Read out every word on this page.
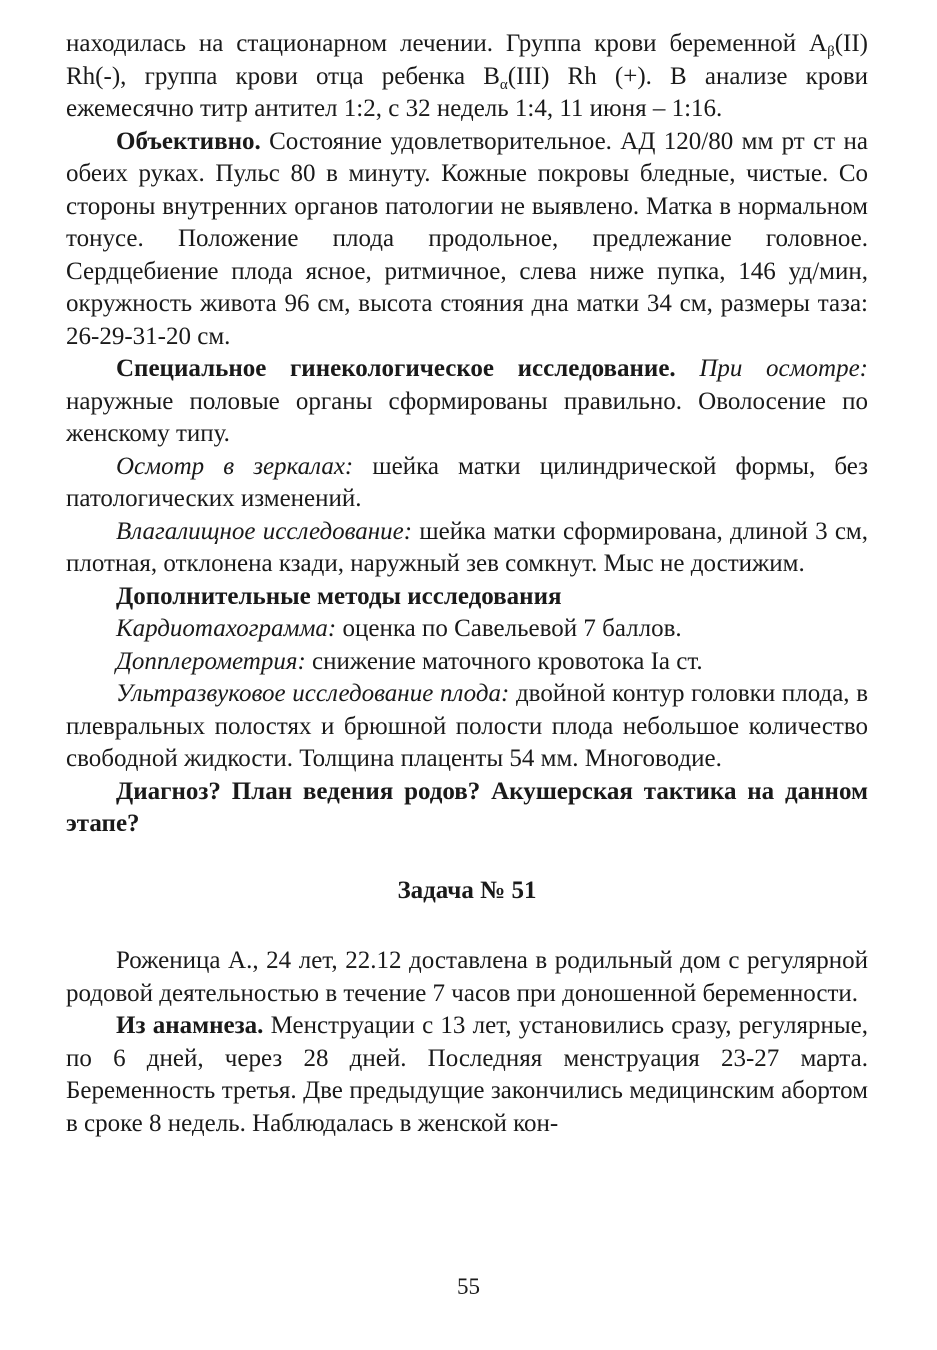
находилась на стационарном лечении. Группа крови беременной $A_\beta(II)$ Rh(-), группа крови отца ребенка $B_\alpha(III)$ Rh (+). В анализе крови ежемесячно титр антител 1:2, с 32 недель 1:4, 11 июня – 1:16.

Объективно. Состояние удовлетворительное. АД 120/80 мм рт ст на обеих руках. Пульс 80 в минуту. Кожные покровы бледные, чистые. Со стороны внутренних органов патологии не выявлено. Матка в нормальном тонусе. Положение плода продольное, предлежание головное. Сердцебиение плода ясное, ритмичное, слева ниже пупка, 146 уд/мин, окружность живота 96 см, высота стояния дна матки 34 см, размеры таза: 26-29-31-20 см.

Специальное гинекологическое исследование. При осмотре: наружные половые органы сформированы правильно. Оволосение по женскому типу.

Осмотр в зеркалах: шейка матки цилиндрической формы, без патологических изменений.

Влагалищное исследование: шейка матки сформирована, длиной 3 см, плотная, отклонена кзади, наружный зев сомкнут. Мыс не достижим.

Дополнительные методы исследования

Кардиотахограмма: оценка по Савельевой 7 баллов.

Допплерометрия: снижение маточного кровотока Iа ст.

Ультразвуковое исследование плода: двойной контур головки плода, в плевральных полостях и брюшной полости плода небольшое количество свободной жидкости. Толщина плаценты 54 мм. Многоводие.

Диагноз? План ведения родов? Акушерская тактика на данном этапе?

Задача № 51

Роженица А., 24 лет, 22.12 доставлена в родильный дом с регулярной родовой деятельностью в течение 7 часов при доношенной беременности.

Из анамнеза. Менструации с 13 лет, установились сразу, регулярные, по 6 дней, через 28 дней. Последняя менструация 23-27 марта. Беременность третья. Две предыдущие закончились медицинским абортом в сроке 8 недель. Наблюдалась в женской кон-

55
